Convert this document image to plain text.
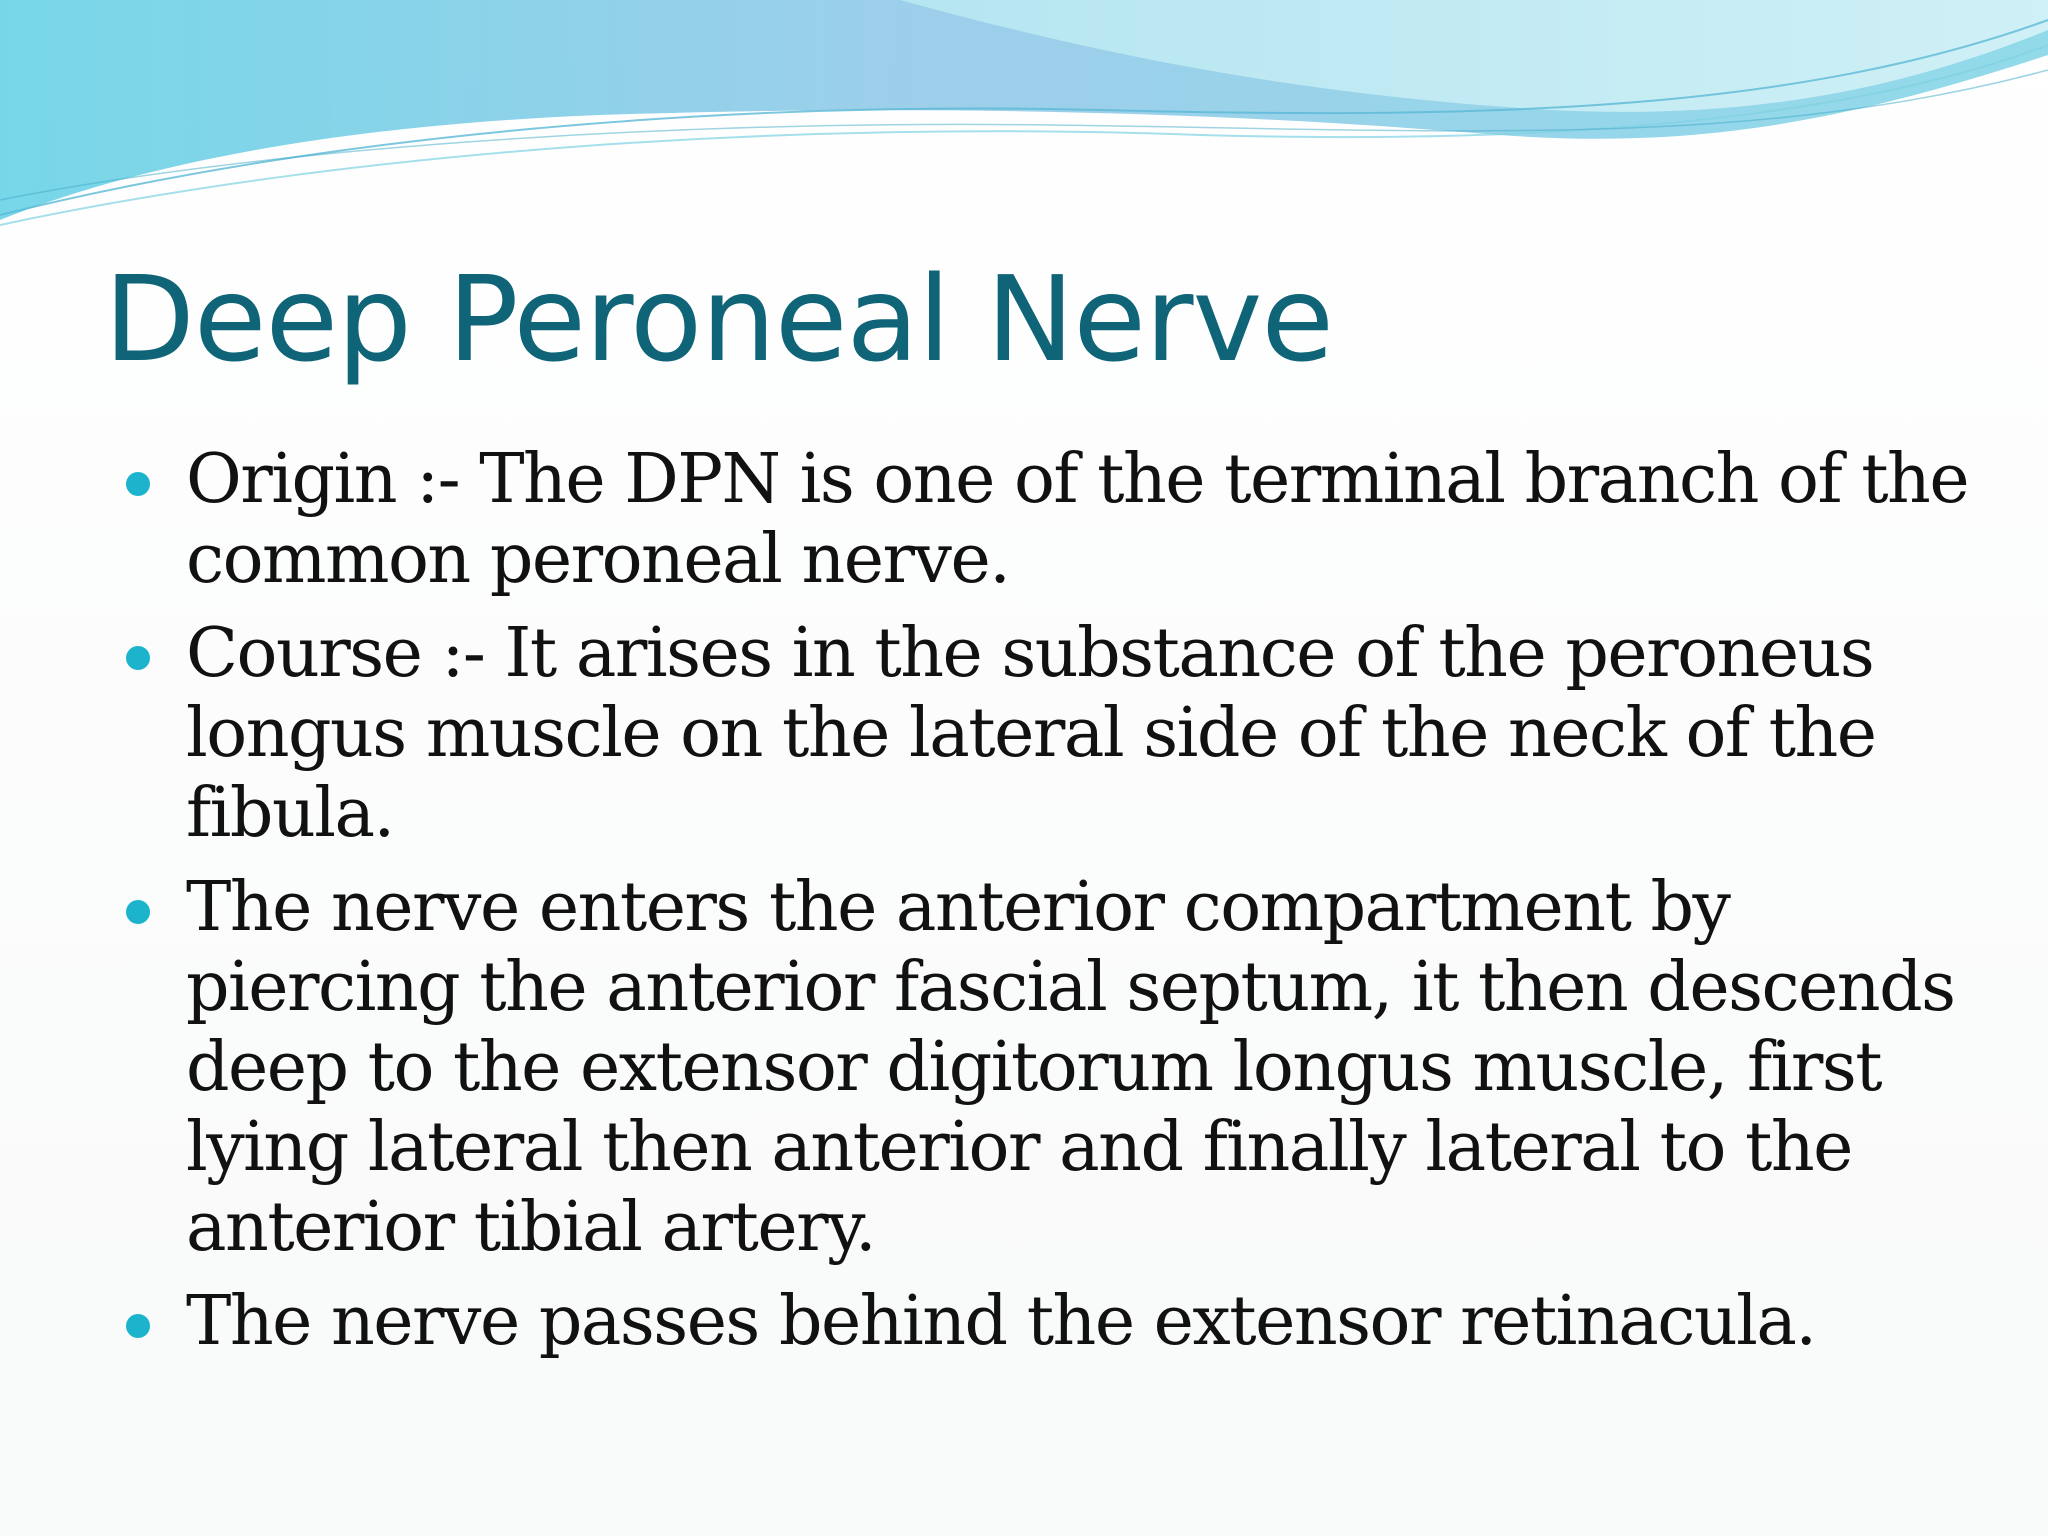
Deep Peroneal Nerve
Origin :- The DPN is one of the terminal branch of the
common peroneal nerve.
Course :- It arises in the substance of the peroneus
longus muscle on the lateral side of the neck of the
fibula.
The nerve enters the anterior compartment by
piercing the anterior fascial septum, it then descends
deep to the extensor digitorum longus muscle, first
lying lateral then anterior and finally lateral to the
anterior tibial artery.
The nerve passes behind the extensor retinacula.
